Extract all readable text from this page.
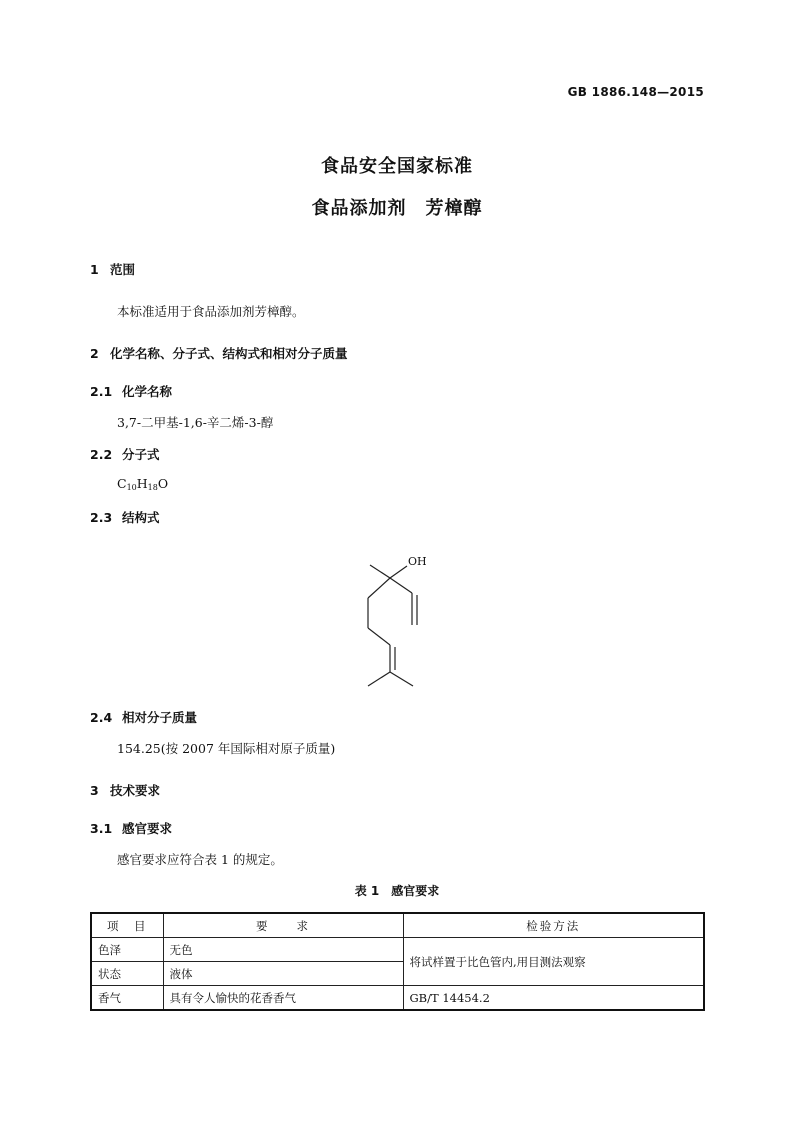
GB 1886.148—2015
食品安全国家标准
食品添加剂　芳樟醇
1 范围
本标准适用于食品添加剂芳樟醇。
2 化学名称、分子式、结构式和相对分子质量
2.1 化学名称
3,7-二甲基-1,6-辛二烯-3-醇
2.2 分子式
$C_{10}H_{18}O$
2.3 结构式
OH
2.4 相对分子质量
154.25(按 2007 年国际相对原子质量)
3 技术要求
3.1 感官要求
感官要求应符合表 1 的规定。
表 1　感官要求
项　目	要　　求	检验方法
色泽	无色	将试样置于比色管内,用目测法观察
状态	液体	
香气	具有令人愉快的花香香气	GB/T 14454.2
